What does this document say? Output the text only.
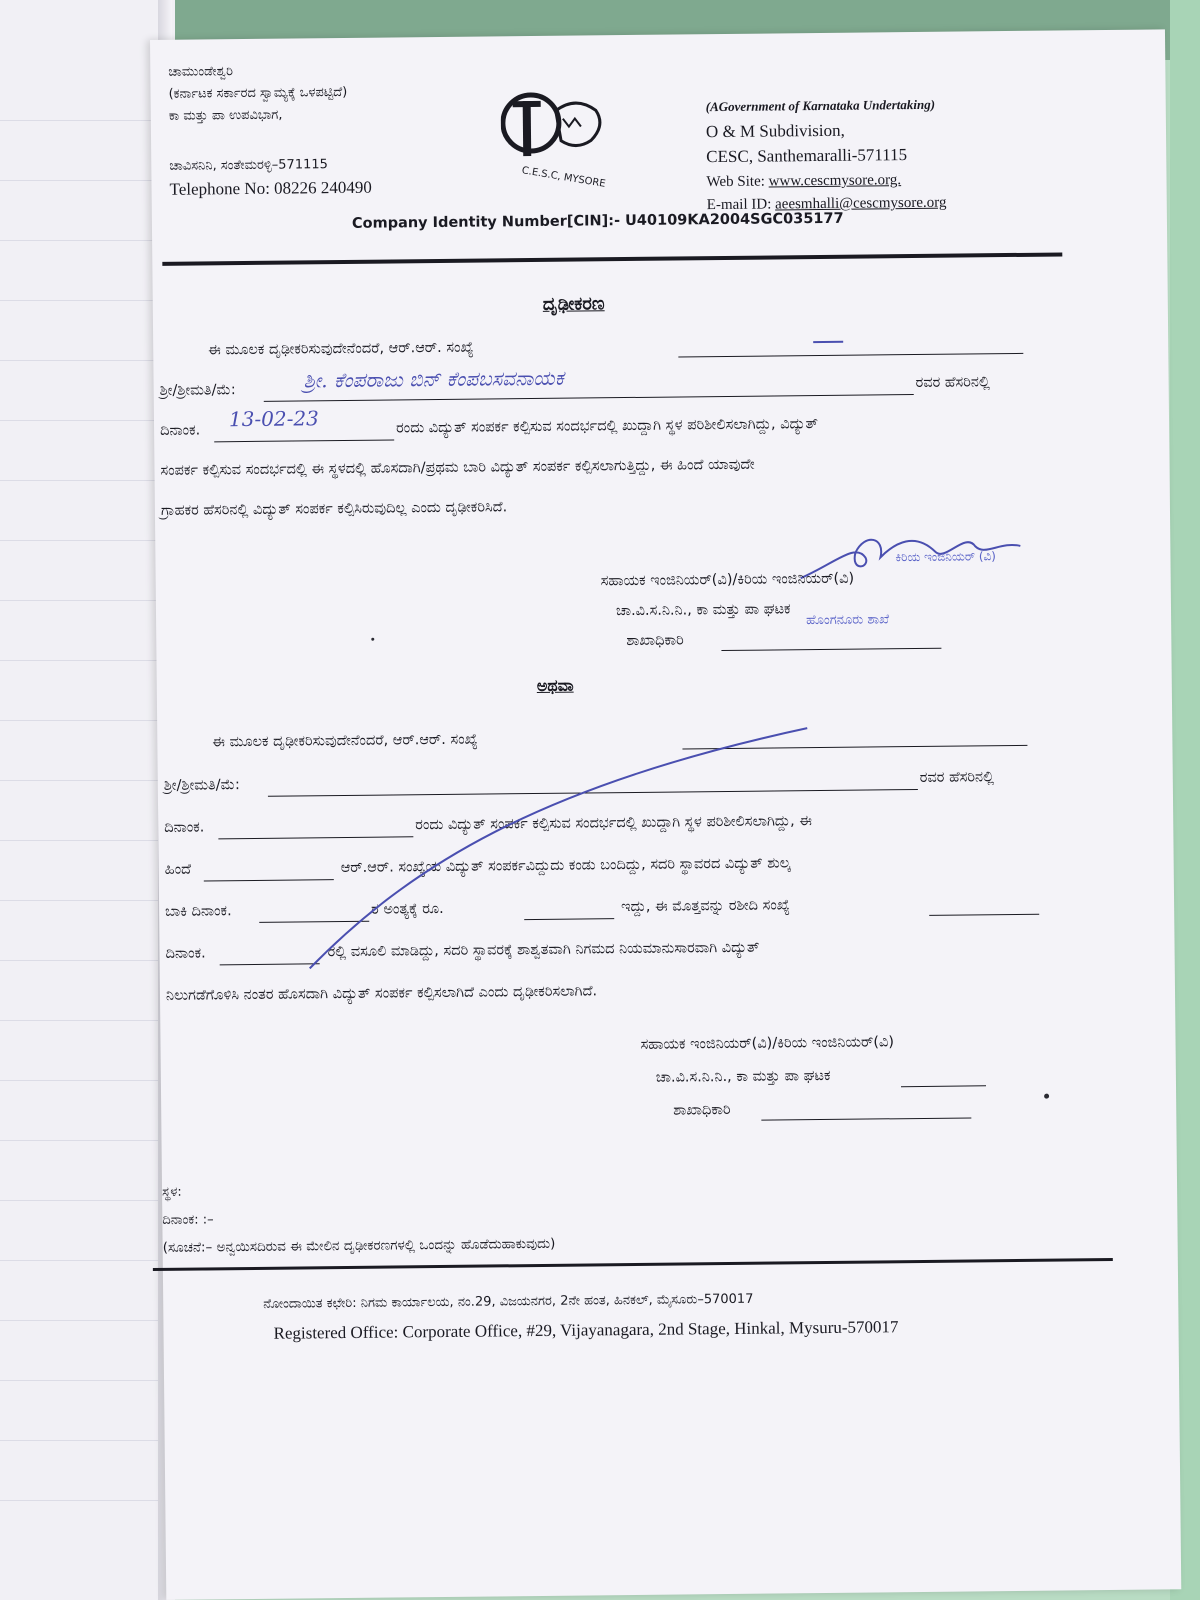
ಚಾಮುಂಡೇಶ್ವರಿ
(ಕರ್ನಾಟಕ ಸರ್ಕಾರದ ಸ್ವಾಮ್ಯಕ್ಕೆ ಒಳಪಟ್ಟಿದೆ)
ಕಾ ಮತ್ತು ಪಾ ಉಪವಿಭಾಗ,
ಚಾವಿಸನಿನಿ, ಸಂತೇಮರಳ್ಳಿ–571115
Telephone No: 08226 240490	C.E.S.C, MYSORE
(AGovernment of Karnataka Undertaking)
O & M Subdivision,
CESC, Santhemaralli-571115
Web Site: www.cescmysore.org.
E-mail ID: aeesmhalli@cescmysore.org
Company Identity Number[CIN]:- U40109KA2004SGC035177
ದೃಢೀಕರಣ
ಈ ಮೂಲಕ ದೃಢೀಕರಿಸುವುದೇನೆಂದರೆ, ಆರ್.ಆರ್. ಸಂಖ್ಯೆ
ಶ್ರೀ/ಶ್ರೀಮತಿ/ಮೆ:	ಶ್ರೀ. ಕೆಂಪರಾಜು ಬಿನ್ ಕೆಂಪಬಸವನಾಯಕ	ರವರ ಹೆಸರಿನಲ್ಲಿ
ದಿನಾಂಕ. 13-02-23	ರಂದು ವಿದ್ಯುತ್ ಸಂಪರ್ಕ ಕಲ್ಪಿಸುವ ಸಂದರ್ಭದಲ್ಲಿ ಖುದ್ದಾಗಿ ಸ್ಥಳ ಪರಿಶೀಲಿಸಲಾಗಿದ್ದು, ವಿದ್ಯುತ್
ಸಂಪರ್ಕ ಕಲ್ಪಿಸುವ ಸಂದರ್ಭದಲ್ಲಿ ಈ ಸ್ಥಳದಲ್ಲಿ ಹೊಸದಾಗಿ/ಪ್ರಥಮ ಬಾರಿ ವಿದ್ಯುತ್ ಸಂಪರ್ಕ ಕಲ್ಪಿಸಲಾಗುತ್ತಿದ್ದು, ಈ ಹಿಂದೆ ಯಾವುದೇ
ಗ್ರಾಹಕರ ಹೆಸರಿನಲ್ಲಿ ವಿದ್ಯುತ್ ಸಂಪರ್ಕ ಕಲ್ಪಿಸಿರುವುದಿಲ್ಲ ಎಂದು ದೃಢೀಕರಿಸಿದೆ.
ಕಿರಿಯ ಇಂಜಿನಿಯರ್ (ವಿ)
ಸಹಾಯಕ ಇಂಜಿನಿಯರ್(ವಿ)/ಕಿರಿಯ ಇಂಜಿನಿಯರ್(ವಿ)
ಚಾ.ವಿ.ಸ.ನಿ.ನಿ., ಕಾ ಮತ್ತು ಪಾ ಘಟಕ
ಹೊಂಗನೂರು ಶಾಖೆ
ಶಾಖಾಧಿಕಾರಿ
ಅಥವಾ
ಈ ಮೂಲಕ ದೃಢೀಕರಿಸುವುದೇನೆಂದರೆ, ಆರ್.ಆರ್. ಸಂಖ್ಯೆ
ಶ್ರೀ/ಶ್ರೀಮತಿ/ಮೆ:	ರವರ ಹೆಸರಿನಲ್ಲಿ
ದಿನಾಂಕ.	ರಂದು ವಿದ್ಯುತ್ ಸಂಪರ್ಕ ಕಲ್ಪಿಸುವ ಸಂದರ್ಭದಲ್ಲಿ ಖುದ್ದಾಗಿ ಸ್ಥಳ ಪರಿಶೀಲಿಸಲಾಗಿದ್ದು, ಈ
ಹಿಂದೆ	ಆರ್.ಆರ್. ಸಂಖ್ಯೆಯ ವಿದ್ಯುತ್ ಸಂಪರ್ಕವಿದ್ದುದು ಕಂಡು ಬಂದಿದ್ದು, ಸದರಿ ಸ್ಥಾವರದ ವಿದ್ಯುತ್ ಶುಲ್ಕ
ಬಾಕಿ ದಿನಾಂಕ.	ರ ಅಂತ್ಯಕ್ಕೆ ರೂ.	ಇದ್ದು, ಈ ಮೊತ್ತವನ್ನು ರಶೀದಿ ಸಂಖ್ಯೆ
ದಿನಾಂಕ.	ರಲ್ಲಿ ವಸೂಲಿ ಮಾಡಿದ್ದು, ಸದರಿ ಸ್ಥಾವರಕ್ಕೆ ಶಾಶ್ವತವಾಗಿ ನಿಗಮದ ನಿಯಮಾನುಸಾರವಾಗಿ ವಿದ್ಯುತ್
ನಿಲುಗಡೆಗೊಳಿಸಿ ನಂತರ ಹೊಸದಾಗಿ ವಿದ್ಯುತ್ ಸಂಪರ್ಕ ಕಲ್ಪಿಸಲಾಗಿದೆ ಎಂದು ದೃಢೀಕರಿಸಲಾಗಿದೆ.
ಸಹಾಯಕ ಇಂಜಿನಿಯರ್(ವಿ)/ಕಿರಿಯ ಇಂಜಿನಿಯರ್(ವಿ)
ಚಾ.ವಿ.ಸ.ನಿ.ನಿ., ಕಾ ಮತ್ತು ಪಾ ಘಟಕ
ಶಾಖಾಧಿಕಾರಿ
ಸ್ಥಳ:
ದಿನಾಂಕ: :–
(ಸೂಚನೆ:– ಅನ್ವಯಿಸದಿರುವ ಈ ಮೇಲಿನ ದೃಢೀಕರಣಗಳಲ್ಲಿ ಒಂದನ್ನು ಹೊಡೆದುಹಾಕುವುದು)
ನೋಂದಾಯಿತ ಕಛೇರಿ: ನಿಗಮ ಕಾರ್ಯಾಲಯ, ನಂ.29, ವಿಜಯನಗರ, 2ನೇ ಹಂತ, ಹಿನಕಲ್, ಮೈಸೂರು–570017
Registered Office: Corporate Office, #29, Vijayanagara, 2nd Stage, Hinkal, Mysuru-570017
